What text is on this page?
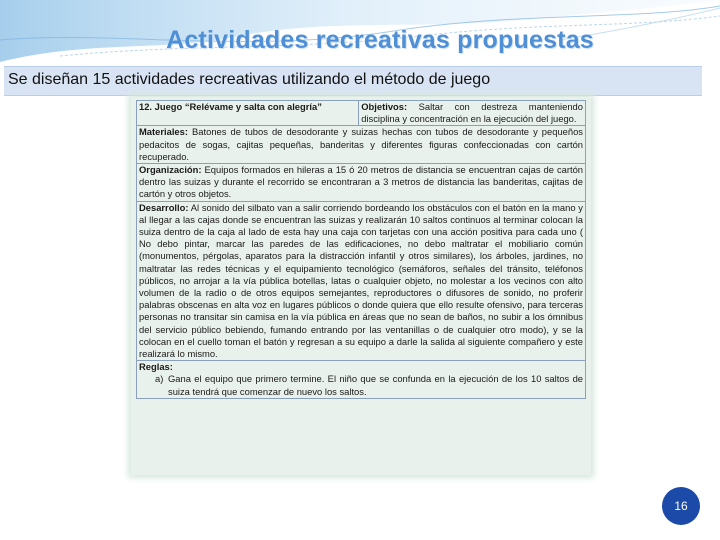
Actividades recreativas propuestas
Se diseñan 15 actividades recreativas utilizando el método de juego
12. Juego “Relévame y salta con alegría”	Objetivos: Saltar con destreza manteniendo disciplina y concentración en la ejecución del juego.
Materiales: Batones de tubos de desodorante y suizas hechas con tubos de desodorante y pequeños pedacitos de sogas, cajitas pequeñas, banderitas y diferentes figuras confeccionadas con cartón recuperado.
Organización: Equipos formados en hileras a 15 ó 20 metros de distancia se encuentran cajas de cartón dentro las suizas y durante el recorrido se encontraran a 3 metros de distancia las banderitas, cajitas de cartón y otros objetos.
Desarrollo: Al sonido del silbato van a salir corriendo bordeando los obstáculos con el batón en la mano y al llegar a las cajas donde se encuentran las suizas y realizarán 10 saltos continuos al terminar colocan la suiza dentro de la caja al lado de esta hay una caja con tarjetas con una acción positiva para cada uno ( No debo pintar, marcar las paredes de las edificaciones, no debo maltratar el mobiliario común (monumentos, pérgolas, aparatos para la distracción infantil y otros similares), los árboles, jardines, no maltratar las redes técnicas y el equipamiento tecnológico (semáforos, señales del tránsito, teléfonos públicos, no arrojar a la vía pública botellas, latas o cualquier objeto, no molestar a los vecinos con alto volumen de la radio o de otros equipos semejantes, reproductores o difusores de sonido, no proferir palabras obscenas en alta voz en lugares públicos o donde quiera que ello resulte ofensivo, para terceras personas no transitar sin camisa en la vía pública en áreas que no sean de baños, no subir a los ómnibus del servicio público bebiendo, fumando entrando por las ventanillas o de cualquier otro modo), y se la colocan en el cuello toman el batón y regresan a su equipo a darle la salida al siguiente compañero y este realizará lo mismo.
Reglas:
a) Gana el equipo que primero termine. El niño que se confunda en la ejecución de los 10 saltos de suiza tendrá que comenzar de nuevo los saltos.
16
